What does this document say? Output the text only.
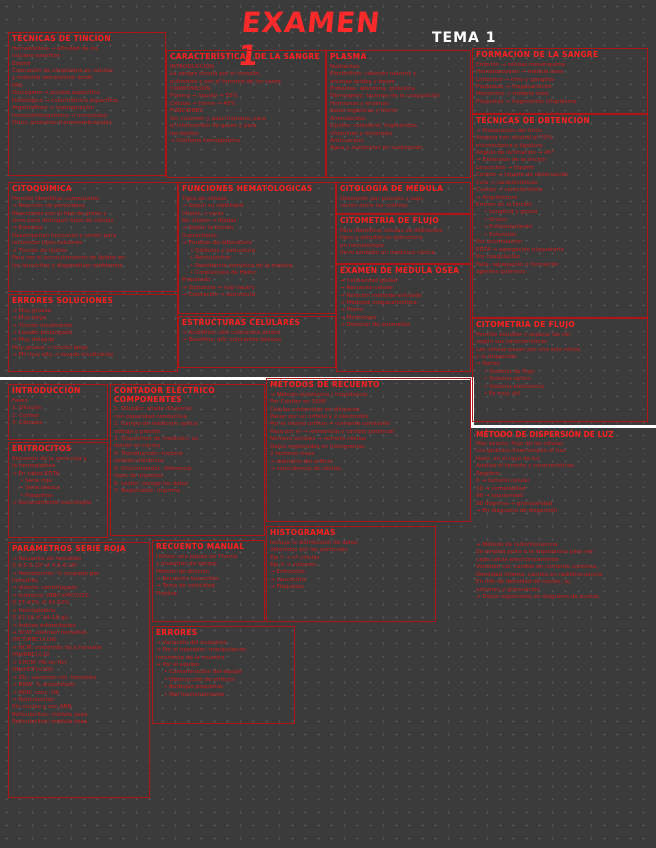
EXAMEN 1
TEMA 1
TÉCNICAS DE TINCIÓN
Hematoxilina → afinidad de los
núcleos basófilos
Eosina
Coloración de citoplasma en células
y material extracelular ácido
PAS
Glucógeno → prueba específica
Histológico → colorimétrica específica
Argentafines → impregnación
Inmunohistoquímica → inmunidad
Otros: proteínas transmembranales
CARACTERÍSTICAS DE LA SANGRE
INTRODUCCIÓN
La sangre circula por el corazón,
pulmones y por el torrente de los vasos
COMPOSICIÓN
Plasma → líquido → 55%
Células → forme → 45%
FUNCIONES
Sin volumen y peso humano, para
el intercambio de gases y para
los tejidos
→ Contiene hemoglobina
PLASMA
Nutrientes
Electrólitos: cationes neutros y
aniones ácidos y bases
Proteínas: albúmina, globulina
Fibrinógeno: factores de la coagulación
Hormonas y enzimas
Sales orgánicas y hierro
Aminoácidos
Lípidos: colesterol, triglicéridos
Vitaminas y minerales
Anticuerpos
Agua y sustancias en suspensión
FORMACIÓN DE LA SANGRE
Embrión → células mesénquima
Hematopoyesis → médula ósea
Linfocitos → timo y ganglios
Plaquetas → megacariocito
Monocitos → médula ósea
Plaquetas → fragmentos citoplasma
TÉCNICAS DE OBTENCIÓN
→ Preparación del frotis
Asepsia con alcohol al 70%,
microscópica y ligadura
Ángulo de inclinación → 45°
→ Extensión de la tinción
Leucocitos → tiquete
Conteo → tiquete de observación
Cola → características
Cuerpo → característica
→ Arquitectura
Errores en la tinción
• Longitud y grosor
• Grosor
• Enfrentamiento
• Extensión
Por acumulación
EDTA → agregación plaquetaria
Por coagulación
Falla: agregación o formación
agentes químicos
CITOQUÍMICA
Permite identificar compuestos
→ Reacción de peroxidasa
Reacciones con el tipo de grano y
sirve para distinguir tipos de células
→ Esterasa
Desempeñan funciones y sirven para
reconocer tipos celulares
→ Tinción de lípidos
Para ver el acumulamiento de lípidos en
los leucocitos y diagnosticar problemas
FUNCIONES HEMATOLÓGICAS
Tipos de células
→ Según su viabilidad
Vitales → vivas
No vitales → fijadas
→ Según la tinción
Supravitales
→ Pruebas de laboratorio
• Glóbulos y estructura
• Reticulocitos
• Resistencia osmótica de la médula
• Corpúsculos de Heinz
Preparado
→ Sustancia → rojo neutro
→ Coloración → estructura
CITOLOGÍA DE MÉDULA
Obtención por punción y aspi-
ración entre las costillas
CITOMETRÍA DE FLUJO
Para identificar células de diferentes
tipos y estudiar su estructura
en hematología
Sirve también en medicina clínica
EXAMEN DE MÉDULA ÓSEA
→ Celularidad global
→ Recuento celular
→ Relación mieloide-eritroide
→ Madurez megacariocítica
→ Hierro
→ Morfología
→ Detectar de anomalías
ERRORES SOLUCIONES
→ Muy gruesa
→ Muy larga
→ Tinción insuficiente
→ Lavado prolongado
→ Muy delgada
Muy gruesa → tinción larga
→ PH muy alto → lavado insuficiente
ESTRUCTURAS CELULARES
→ Acidófilos: afín colorantes ácidos
→ Basófilos: afín colorantes básicos
CITOMETRÍA DE FLUJO
Permite estudiar y separar las cél.
según sus características
Las células pasan por una sola célula
y la dispersión
→ Partes
• Sistema de flujo
• Sistema óptico
• Sistema electrónico
• Es muy útil
INTRODUCCIÓN
Fases:
1. Dilución
2. Conteo
3. Cálculos
CONTADOR ELÉCTRICO COMPONENTES
1. Diluidor: añade diluyente
con capacidad conductiva
2. Campo de medición: aplica
voltaje y presión
3. Dispositivo de medición: es
donde se cuenta
4. Transducción: traduce
señales eléctricas
5. Discriminador: diferencia
tipos de impulsos
6. Lector: recoge los datos
7. Registrador: imprime
MÉTODOS DE RECUENTO
→ Método resistencia / impedancia
Por Coulter en 1956
Células contenidas en diluyente
Pasan por un orificio y 2 electrodos
Por el mismo orificio → corriente constante
Pasa por el → resistencia y cambio potencial
Número señales → número células
Datos registrados en histogramas
2 factores clave
→ diámetro del orificio
→ coincidencia de células
MÉTODO DE DISPERSIÓN DE LUZ
Más exacto, flujo de las células
Los glóbulos interrumpen el haz
láser, en el rayo de luz
Analiza el tamaño y características
Registro:
0 → tamaño celular
10 → complejidad
90 → lobularidad
90 disperso → granularidad
→ En diagrama de dispersión
ERITROCITOS
Recuento de la serie roja y
la hemoglobina
→ En tubos EDTA
• Serie roja
• Serie blanca
• Plaquetas
→ Generalmente macrología
→ Método de radiofrecuencia
Se emplea junto a la impedancia para ver
cada célula electrónicamente
Volumen cel: cambio en corriente continua
Densidad interna: cambio en radiofrecuencia
En info de densidad de núcleo, su
volumen y granulación
→ Datos registrados en diagrama de puntos
RECUENTO MANUAL
Utilizar una pipeta de Thoma
y muestras de sangre
Método de dilución
→ Recuento leucocitos
→ Toma de velocidad
Finaliza
HISTOGRAMAS
Incluye la distribución de datos
obtenidos por las partículas
Eje Y → nº células
Eje X → volumen
→ Eritrocitos
→ Leucocitos
→ Plaquetas
PARÁMETROS SERIE ROJA
→ Recuento de hematíes
♀ 4.5-5·10⁶ ♂ 4.5-6·10⁶
→ Hematocrito: % ocupado por
hematíes
→ directo: centrifugado
→ indirecto: (RBC×MCV)/10
♀ 37-47% ♂ 42-52%
→ Hemoglobina
♀ 12-16 ♂ 14-18 g/L
→ Índices eritrocitarios
→ VCM: volumen hematíes
(HCT/RBC)×100
→ HCM: contenido hb a hematíe
(Hb/RBC)×10
→ CHCM: Hb en Hct
(Hb/HCT)×100
→ IDL: variación vol. hematíes
→ RDW: % anisocitosis
→ ADH: conc. Hb
→ Reticulocitos
Sin nucleo y con ARN
Reticulocitos: médula ósea
Reticulocitos: médula ósea
ERRORES
→ Variación del muestreo
→ Por el operador: manipulación
incorrecta de la muestra
→ Por el equipo
• Contaminación del equipo
• Obstrucción de orificios
• Burbujas pequeñas
• Mal funcionamiento
